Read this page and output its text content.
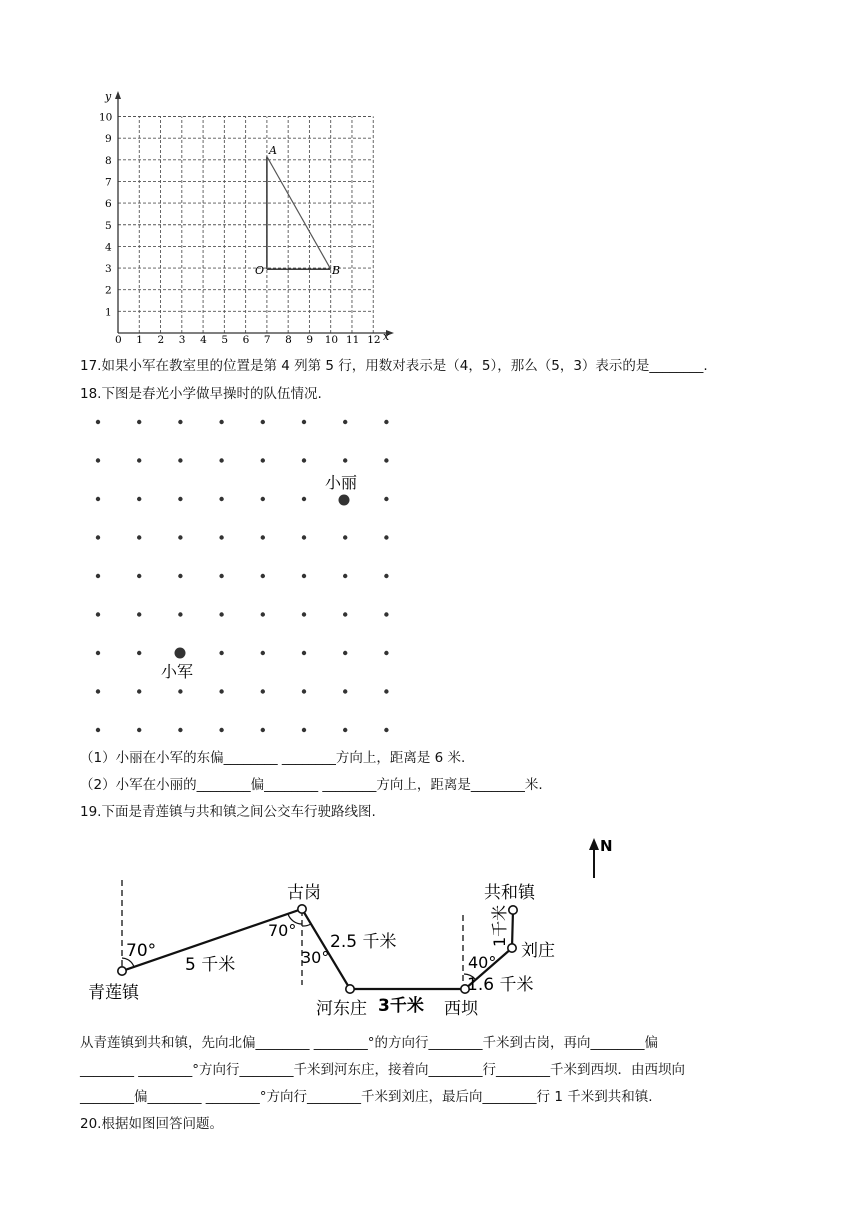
y
x
0 1 2 3 4 5 6 7 8 9 10 11 12
1
2
3
4
5
6
7
8
9
10
A
O	B
17.如果小军在教室里的位置是第 4 列第 5 行，用数对表示是（4，5），那么（5，3）表示的是________.
18.下图是春光小学做早操时的队伍情况.
小丽
小军
（1）小丽在小军的东偏________ ________方向上，距离是 6 米.
（2）小军在小丽的________偏________ ________方向上，距离是________米.
19.下面是青莲镇与共和镇之间公交车行驶路线图.
N
青莲镇
古岗
河东庄	西坝
刘庄
共和镇
70°
70°
30°	40°
5 千米
2.5 千米
3千米
1.6 千米
1千米
从青莲镇到共和镇，先向北偏________ ________°的方向行________千米到古岗，再向________偏
________ ________°方向行________千米到河东庄，接着向________行________千米到西坝．由西坝向
________偏________ ________°方向行________千米到刘庄，最后向________行 1 千米到共和镇.
20.根据如图回答问题。
